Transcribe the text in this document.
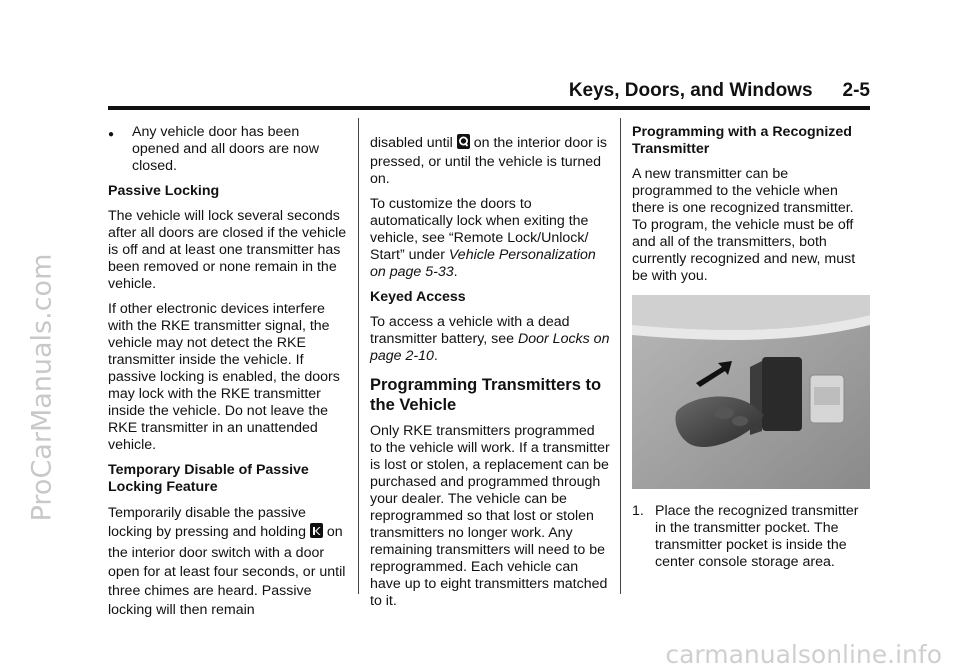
Keys, Doors, and Windows 2-5
ProCarManuals.com
●	Any vehicle door has been opened and all doors are now closed.

Passive Locking

The vehicle will lock several seconds after all doors are closed if the vehicle is off and at least one transmitter has been removed or none remain in the vehicle.

If other electronic devices interfere with the RKE transmitter signal, the vehicle may not detect the RKE transmitter inside the vehicle. If passive locking is enabled, the doors may lock with the RKE transmitter inside the vehicle. Do not leave the RKE transmitter in an unattended vehicle.

Temporary Disable of Passive Locking Feature

Temporarily disable the passive locking by pressing and holding on the interior door switch with a door open for at least four seconds, or until three chimes are heard. Passive locking will then remain

disabled until on the interior door is pressed, or until the vehicle is turned on.

To customize the doors to automatically lock when exiting the vehicle, see “Remote Lock/Unlock/ Start” under Vehicle Personalization on page 5-33.

Keyed Access

To access a vehicle with a dead transmitter battery, see Door Locks on page 2-10.

Programming Transmitters to the Vehicle

Only RKE transmitters programmed to the vehicle will work. If a transmitter is lost or stolen, a replacement can be purchased and programmed through your dealer. The vehicle can be reprogrammed so that lost or stolen transmitters no longer work. Any remaining transmitters will need to be reprogrammed. Each vehicle can have up to eight transmitters matched to it.

Programming with a Recognized Transmitter

A new transmitter can be programmed to the vehicle when there is one recognized transmitter. To program, the vehicle must be off and all of the transmitters, both currently recognized and new, must be with you.

1. Place the recognized transmitter in the transmitter pocket. The transmitter pocket is inside the center console storage area.
carmanualsonline.info
